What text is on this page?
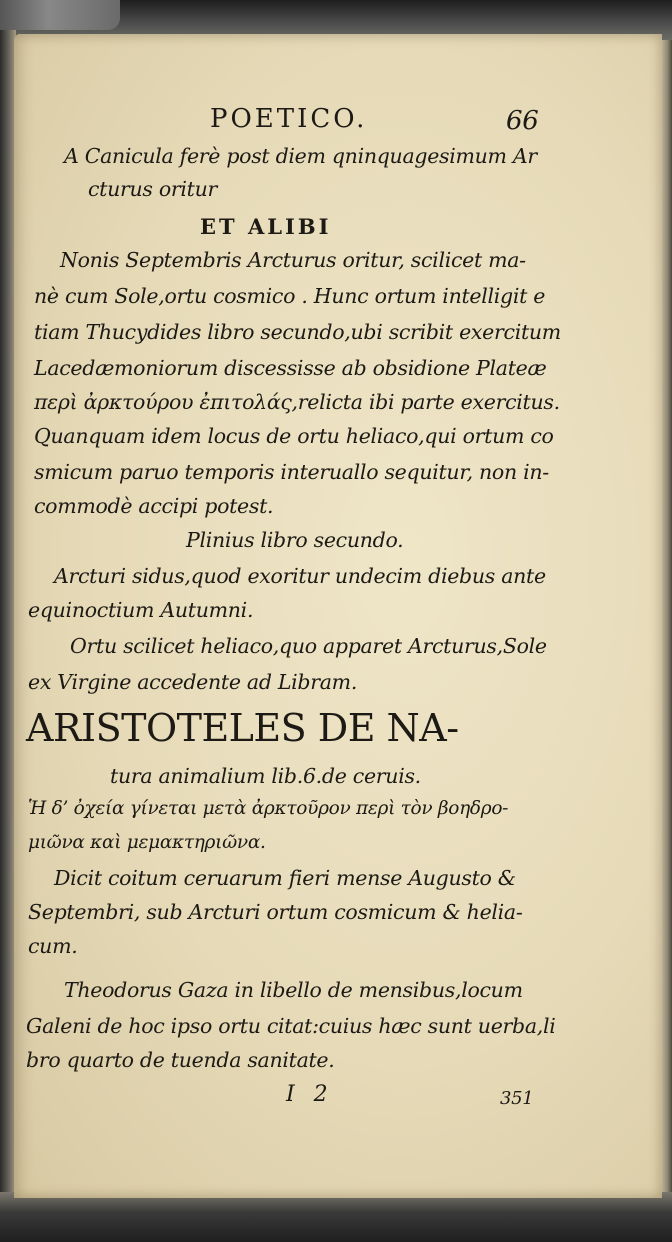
POETICO.	66
A Canicula ferè post diem qninquagesimum Ar
cturus oritur
ET ALIBI
Nonis Septembris Arcturus oritur, scilicet ma-
nè cum Sole,ortu cosmico . Hunc ortum intelligit e
tiam Thucydides libro secundo,ubi scribit exercitum
Lacedæmoniorum discessisse ab obsidione Plateæ
περὶ ἀρκτούρου ἐπιτολάς,relicta ibi parte exercitus.
Quanquam idem locus de ortu heliaco,qui ortum co
smicum paruo temporis interuallo sequitur, non in-
commodè accipi potest.
Plinius libro secundo.
Arcturi sidus,quod exoritur undecim diebus ante
equinoctium Autumni.
Ortu scilicet heliaco,quo apparet Arcturus,Sole
ex Virgine accedente ad Libram.
ARISTOTELES DE NA-
tura animalium lib.6.de ceruis.
Ἡ δ’ ὀχεία γίνεται μετὰ ἀρκτοῦρον περὶ τὸν βοηδρο-
μιῶνα καὶ μεμακτηριῶνα.
Dicit coitum ceruarum fieri mense Augusto &
Septembri, sub Arcturi ortum cosmicum & helia-
cum.
Theodorus Gaza in libello de mensibus,locum
Galeni de hoc ipso ortu citat:cuius hæc sunt uerba,li
bro quarto de tuenda sanitate.
I 2	351
